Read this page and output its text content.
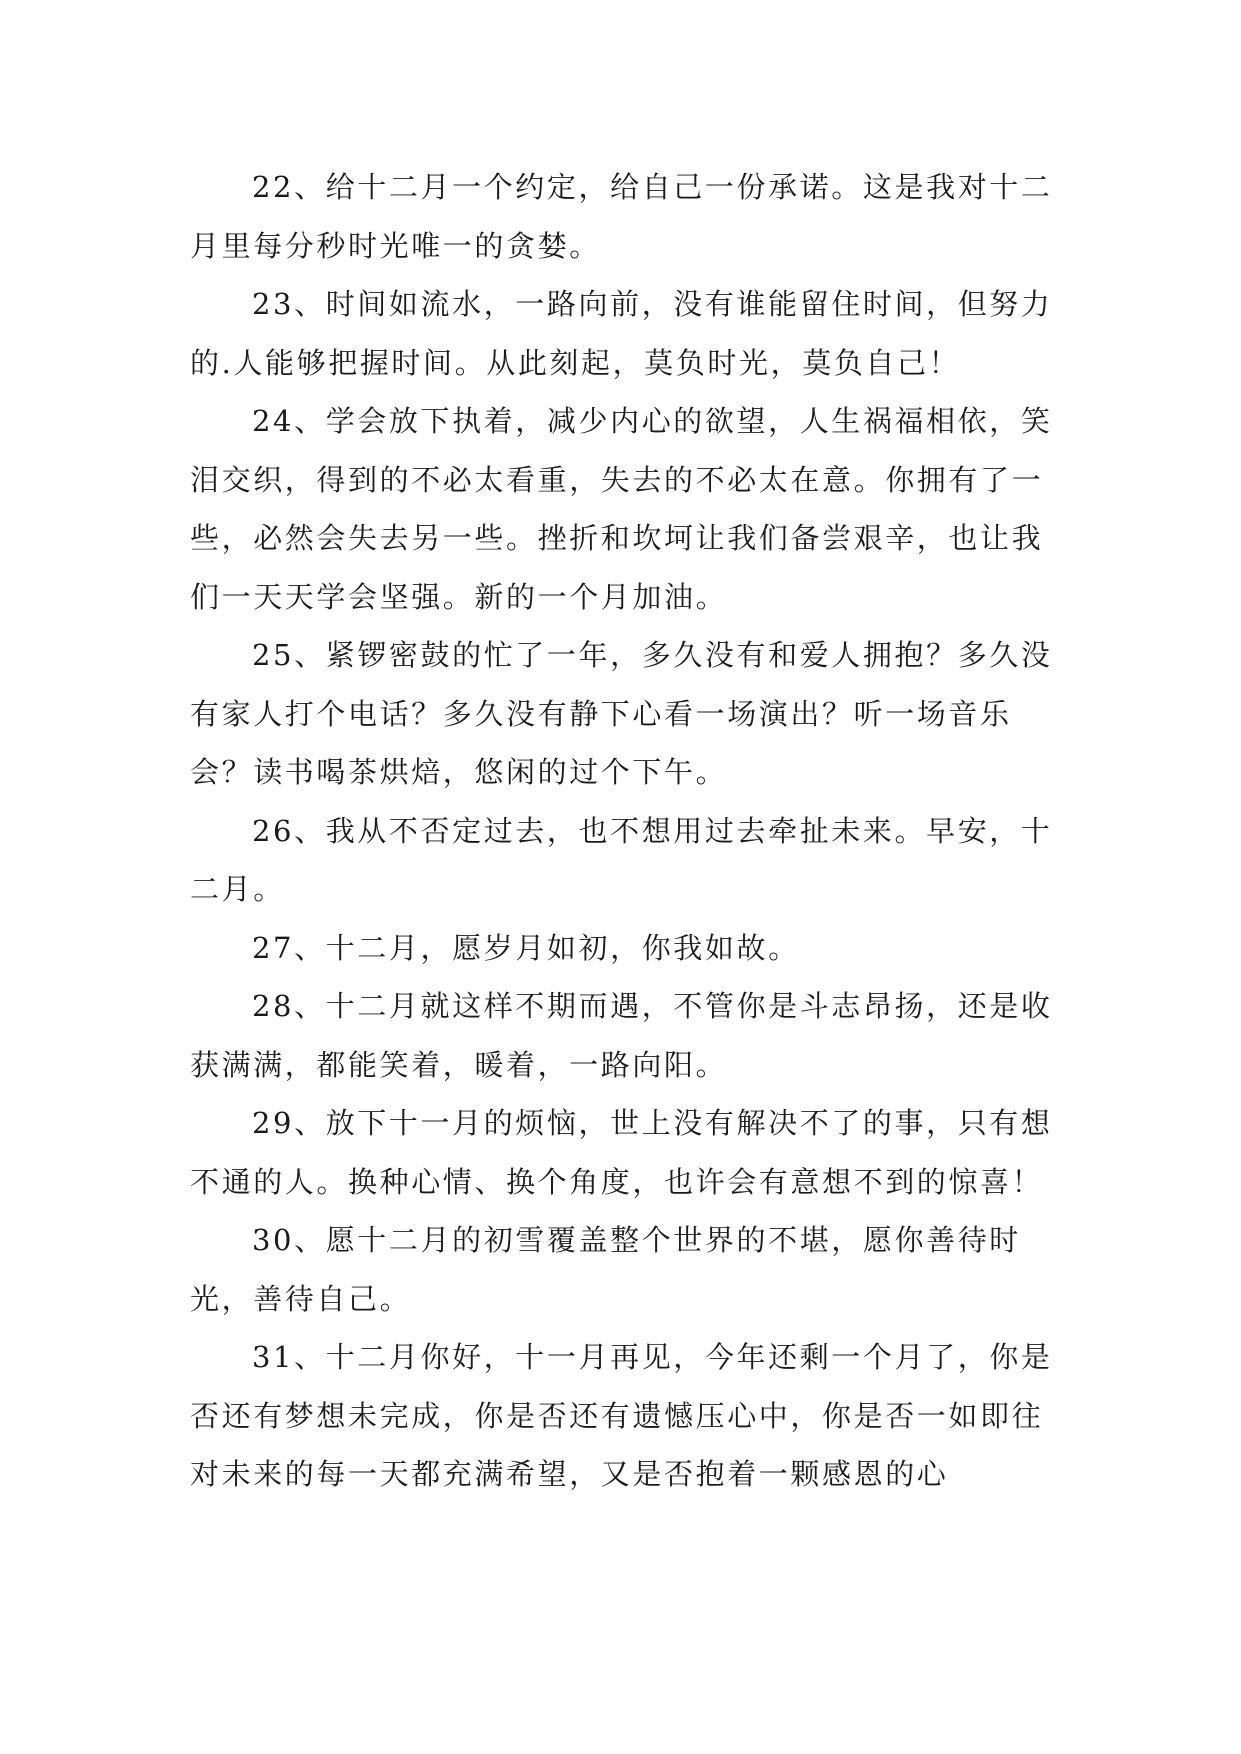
22、给十二月一个约定，给自己一份承诺。这是我对十二月里每分秒时光唯一的贪婪。

23、时间如流水，一路向前，没有谁能留住时间，但努力的.人能够把握时间。从此刻起，莫负时光，莫负自己！

24、学会放下执着，减少内心的欲望，人生祸福相依，笑泪交织，得到的不必太看重，失去的不必太在意。你拥有了一些，必然会失去另一些。挫折和坎坷让我们备尝艰辛，也让我们一天天学会坚强。新的一个月加油。

25、紧锣密鼓的忙了一年，多久没有和爱人拥抱？多久没有家人打个电话？多久没有静下心看一场演出？听一场音乐会？读书喝茶烘焙，悠闲的过个下午。

26、我从不否定过去，也不想用过去牵扯未来。早安，十二月。

27、十二月，愿岁月如初，你我如故。

28、十二月就这样不期而遇，不管你是斗志昂扬，还是收获满满，都能笑着，暖着，一路向阳。

29、放下十一月的烦恼，世上没有解决不了的事，只有想不通的人。换种心情、换个角度，也许会有意想不到的惊喜！

30、愿十二月的初雪覆盖整个世界的不堪，愿你善待时光，善待自己。

31、十二月你好，十一月再见，今年还剩一个月了，你是否还有梦想未完成，你是否还有遗憾压心中，你是否一如即往对未来的每一天都充满希望，又是否抱着一颗感恩的心
